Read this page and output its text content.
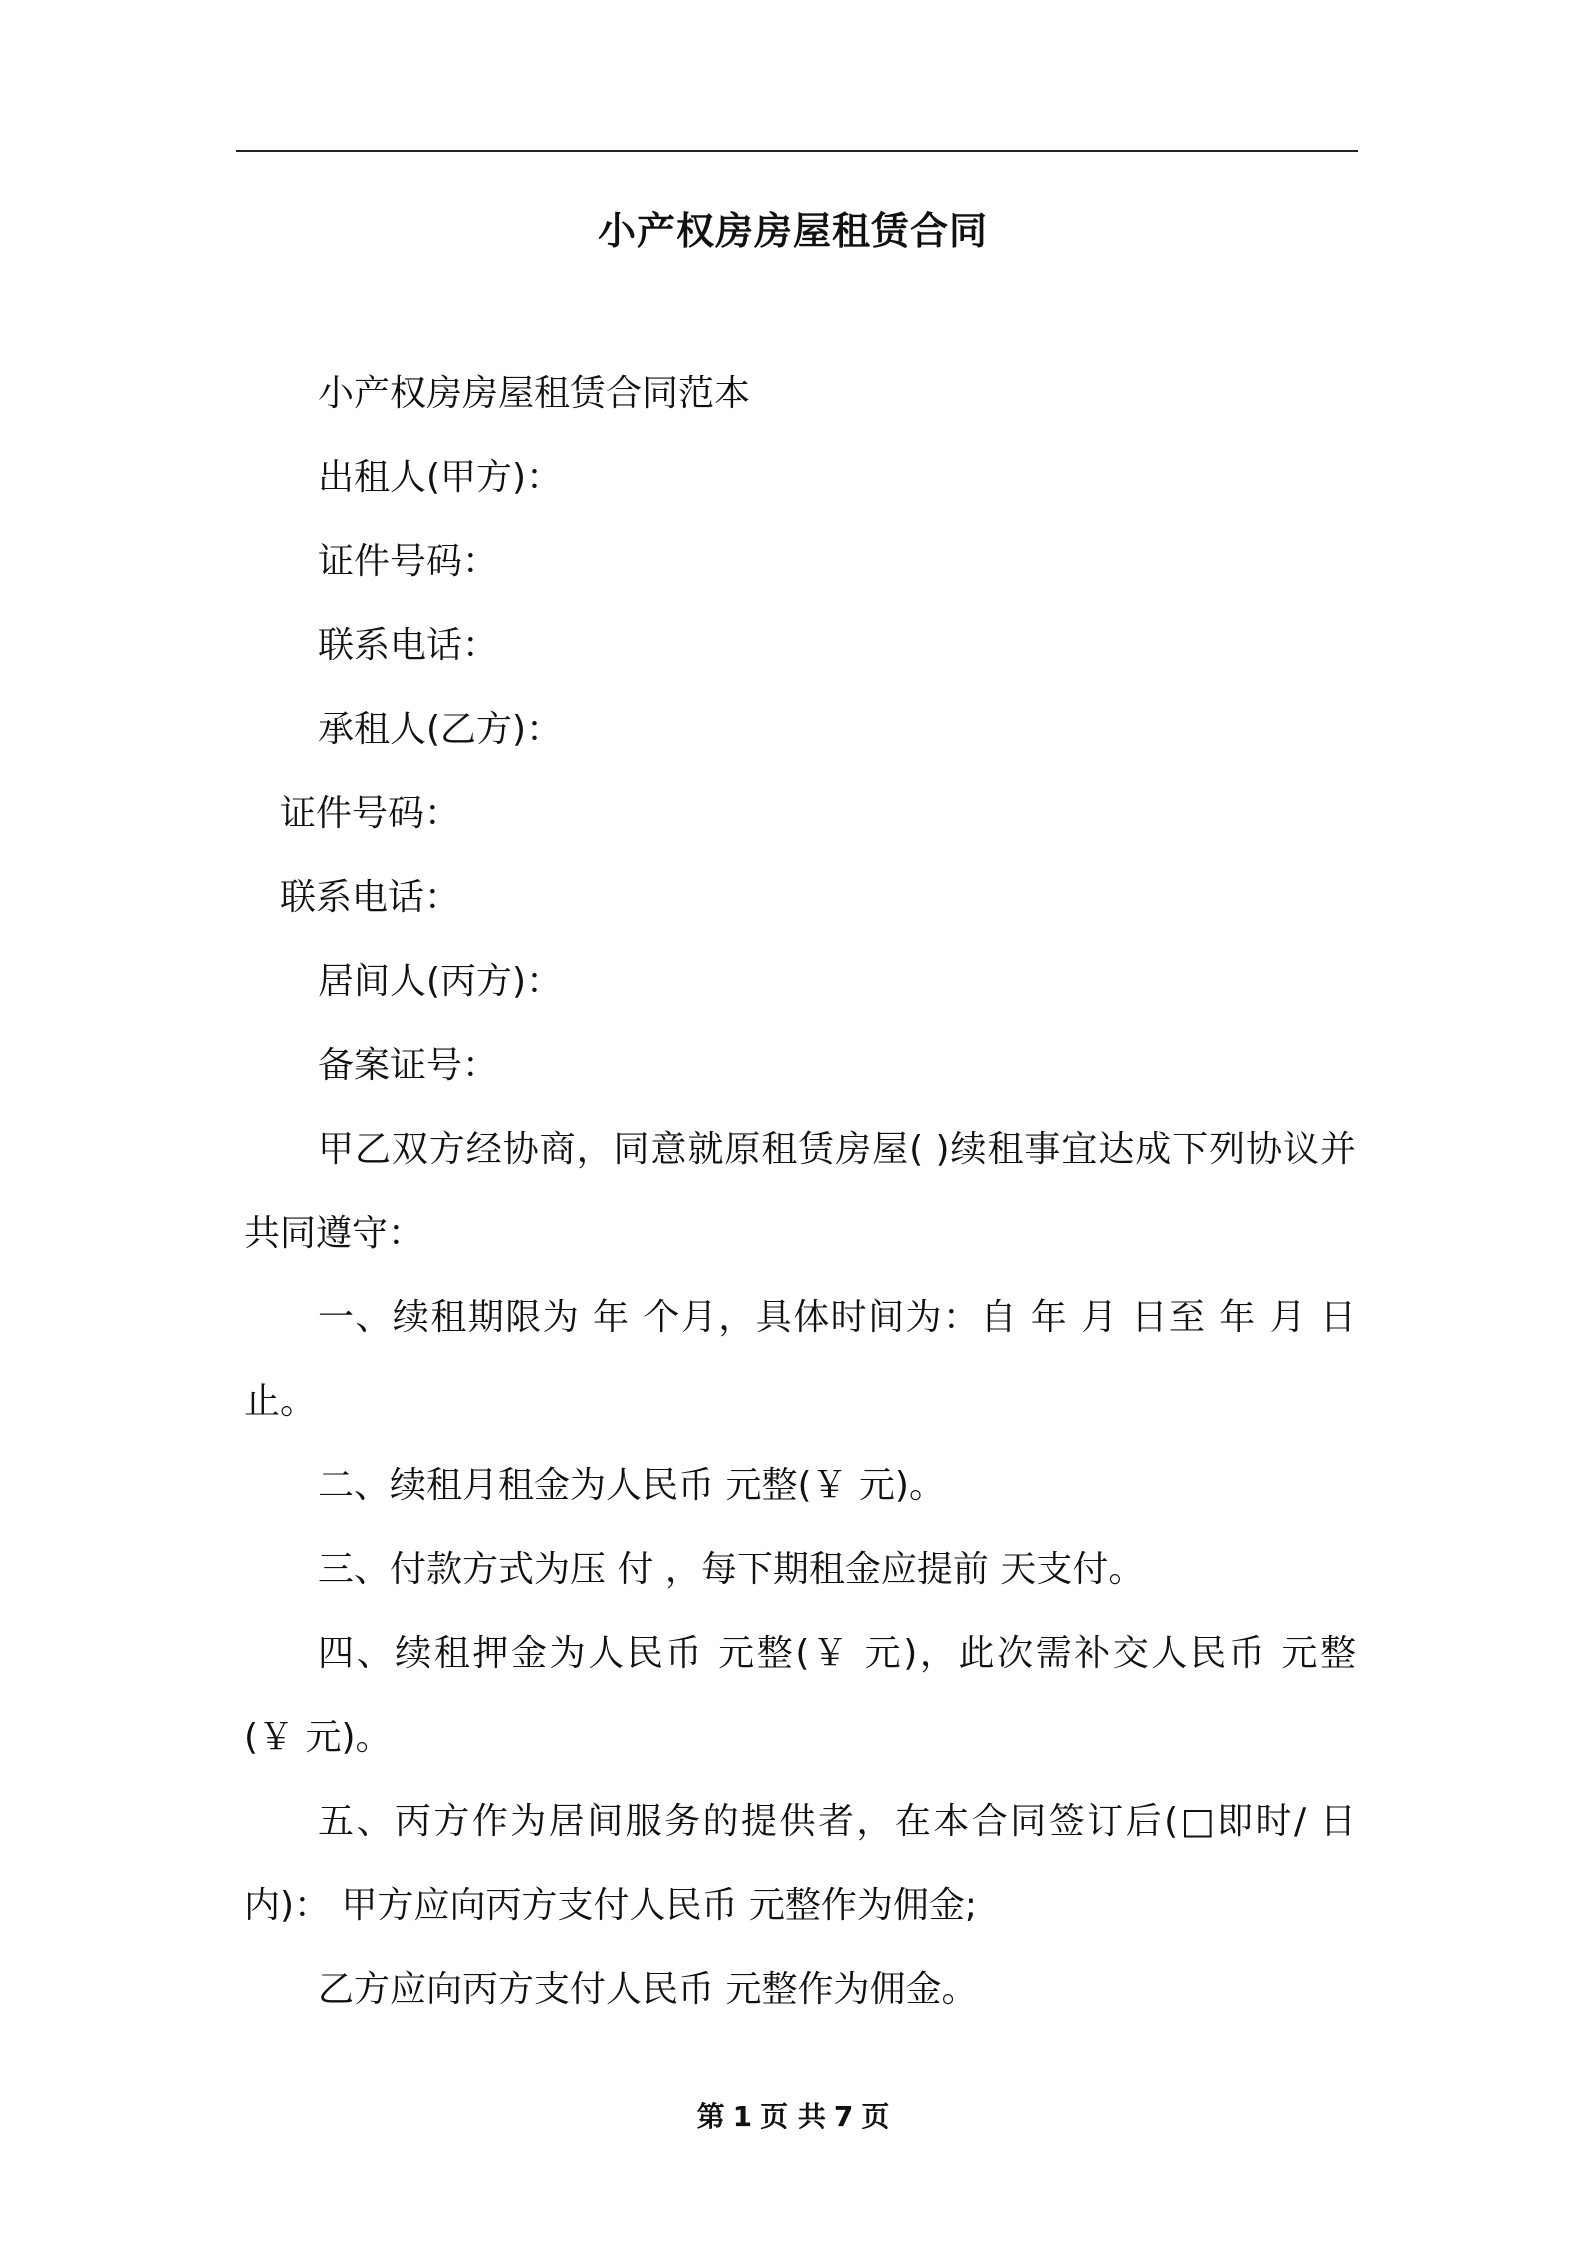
小产权房房屋租赁合同
小产权房房屋租赁合同范本
出租人(甲方)：
证件号码：
联系电话：
承租人(乙方)：
证件号码：
联系电话：
居间人(丙方)：
备案证号：
甲乙双方经协商，同意就原租赁房屋( )续租事宜达成下列协议并
共同遵守：
一、续租期限为 年 个月，具体时间为：自 年 月 日至 年 月 日
止。
二、续租月租金为人民币 元整(￥ 元)。
三、付款方式为压 付 ，每下期租金应提前 天支付。
四、续租押金为人民币 元整(￥ 元)，此次需补交人民币 元整
(￥ 元)。
五、丙方作为居间服务的提供者，在本合同签订后(□即时/ 日
内)： 甲方应向丙方支付人民币 元整作为佣金;
乙方应向丙方支付人民币 元整作为佣金。
第 1 页 共 7 页
